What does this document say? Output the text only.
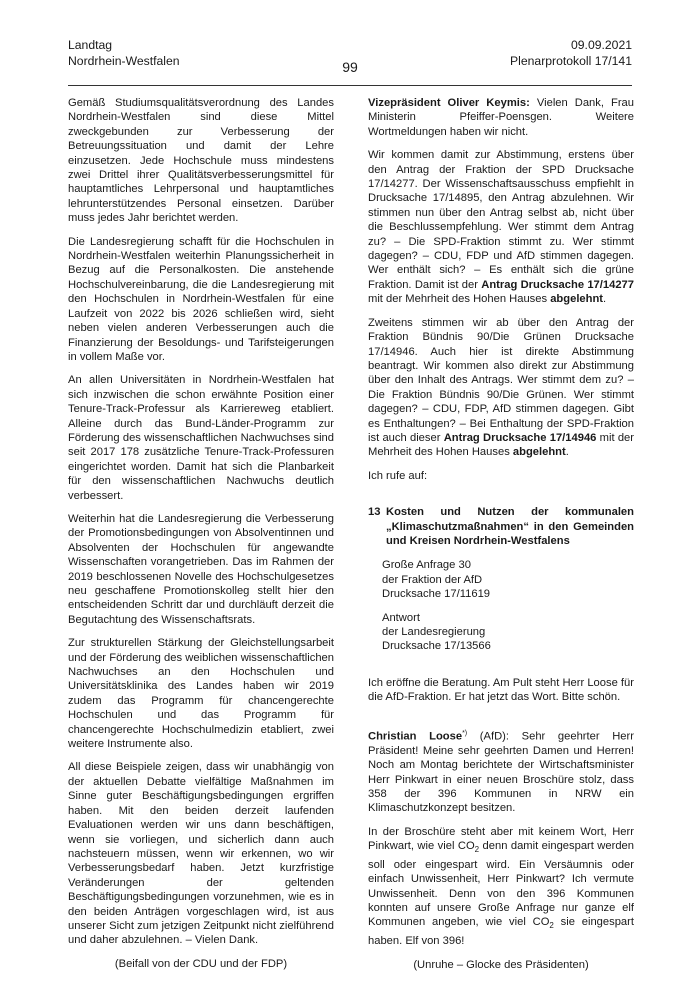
Landtag
Nordrhein-Westfalen	99
09.09.2021
Plenarprotokoll 17/141

Gemäß Studiumsqualitätsverordnung des Landes Nordrhein-Westfalen sind diese Mittel zweckgebunden zur Verbesserung der Betreuungssituation und damit der Lehre einzusetzen. Jede Hochschule muss mindestens zwei Drittel ihrer Qualitätsverbesserungsmittel für hauptamtliches Lehrpersonal und hauptamtliches lehrunterstützendes Personal einsetzen. Darüber muss jedes Jahr berichtet werden.

Die Landesregierung schafft für die Hochschulen in Nordrhein-Westfalen weiterhin Planungssicherheit in Bezug auf die Personalkosten. Die anstehende Hochschulvereinbarung, die die Landesregierung mit den Hochschulen in Nordrhein-Westfalen für eine Laufzeit von 2022 bis 2026 schließen wird, sieht neben vielen anderen Verbesserungen auch die Finanzierung der Besoldungs- und Tarifsteigerungen in vollem Maße vor.

An allen Universitäten in Nordrhein-Westfalen hat sich inzwischen die schon erwähnte Position einer Tenure-Track-Professur als Karriereweg etabliert. Alleine durch das Bund-Länder-Programm zur Förderung des wissenschaftlichen Nachwuchses sind seit 2017 178 zusätzliche Tenure-Track-Professuren eingerichtet worden. Damit hat sich die Planbarkeit für den wissenschaftlichen Nachwuchs deutlich verbessert.

Weiterhin hat die Landesregierung die Verbesserung der Promotionsbedingungen von Absolventinnen und Absolventen der Hochschulen für angewandte Wissenschaften vorangetrieben. Das im Rahmen der 2019 beschlossenen Novelle des Hochschulgesetzes neu geschaffene Promotionskolleg stellt hier den entscheidenden Schritt dar und durchläuft derzeit die Begutachtung des Wissenschaftsrats.

Zur strukturellen Stärkung der Gleichstellungsarbeit und der Förderung des weiblichen wissenschaftlichen Nachwuchses an den Hochschulen und Universitätsklinika des Landes haben wir 2019 zudem das Programm für chancengerechte Hochschulen und das Programm für chancengerechte Hochschulmedizin etabliert, zwei weitere Instrumente also.

All diese Beispiele zeigen, dass wir unabhängig von der aktuellen Debatte vielfältige Maßnahmen im Sinne guter Beschäftigungsbedingungen ergriffen haben. Mit den beiden derzeit laufenden Evaluationen werden wir uns dann beschäftigen, wenn sie vorliegen, und sicherlich dann auch nachsteuern müssen, wenn wir erkennen, wo wir Verbesserungsbedarf haben. Jetzt kurzfristige Veränderungen der geltenden Beschäftigungsbedingungen vorzunehmen, wie es in den beiden Anträgen vorgeschlagen wird, ist aus unserer Sicht zum jetzigen Zeitpunkt nicht zielführend und daher abzulehnen. – Vielen Dank.

(Beifall von der CDU und der FDP)

Vizepräsident Oliver Keymis: Vielen Dank, Frau Ministerin Pfeiffer-Poensgen. Weitere Wortmeldungen haben wir nicht.

Wir kommen damit zur Abstimmung, erstens über den Antrag der Fraktion der SPD Drucksache 17/14277. Der Wissenschaftsausschuss empfiehlt in Drucksache 17/14895, den Antrag abzulehnen. Wir stimmen nun über den Antrag selbst ab, nicht über die Beschlussempfehlung. Wer stimmt dem Antrag zu? – Die SPD-Fraktion stimmt zu. Wer stimmt dagegen? – CDU, FDP und AfD stimmen dagegen. Wer enthält sich? – Es enthält sich die grüne Fraktion. Damit ist der Antrag Drucksache 17/14277 mit der Mehrheit des Hohen Hauses abgelehnt.

Zweitens stimmen wir ab über den Antrag der Fraktion Bündnis 90/Die Grünen Drucksache 17/14946. Auch hier ist direkte Abstimmung beantragt. Wir kommen also direkt zur Abstimmung über den Inhalt des Antrags. Wer stimmt dem zu? – Die Fraktion Bündnis 90/Die Grünen. Wer stimmt dagegen? – CDU, FDP, AfD stimmen dagegen. Gibt es Enthaltungen? – Bei Enthaltung der SPD-Fraktion ist auch dieser Antrag Drucksache 17/14946 mit der Mehrheit des Hohen Hauses abgelehnt.

Ich rufe auf:

13 Kosten und Nutzen der kommunalen „Klimaschutzmaßnahmen“ in den Gemeinden und Kreisen Nordrhein-Westfalens
Große Anfrage 30
der Fraktion der AfD
Drucksache 17/11619
Antwort
der Landesregierung
Drucksache 17/13566

Ich eröffne die Beratung. Am Pult steht Herr Loose für die AfD-Fraktion. Er hat jetzt das Wort. Bitte schön.

Christian Loose*) (AfD): Sehr geehrter Herr Präsident! Meine sehr geehrten Damen und Herren! Noch am Montag berichtete der Wirtschaftsminister Herr Pinkwart in einer neuen Broschüre stolz, dass 358 der 396 Kommunen in NRW ein Klimaschutzkonzept besitzen.

In der Broschüre steht aber mit keinem Wort, Herr Pinkwart, wie viel $CO_2$ denn damit eingespart werden soll oder eingespart wird. Ein Versäumnis oder einfach Unwissenheit, Herr Pinkwart? Ich vermute Unwissenheit. Denn von den 396 Kommunen konnten auf unsere Große Anfrage nur ganze elf Kommunen angeben, wie viel $CO_2$ sie eingespart haben. Elf von 396!

(Unruhe – Glocke des Präsidenten)
